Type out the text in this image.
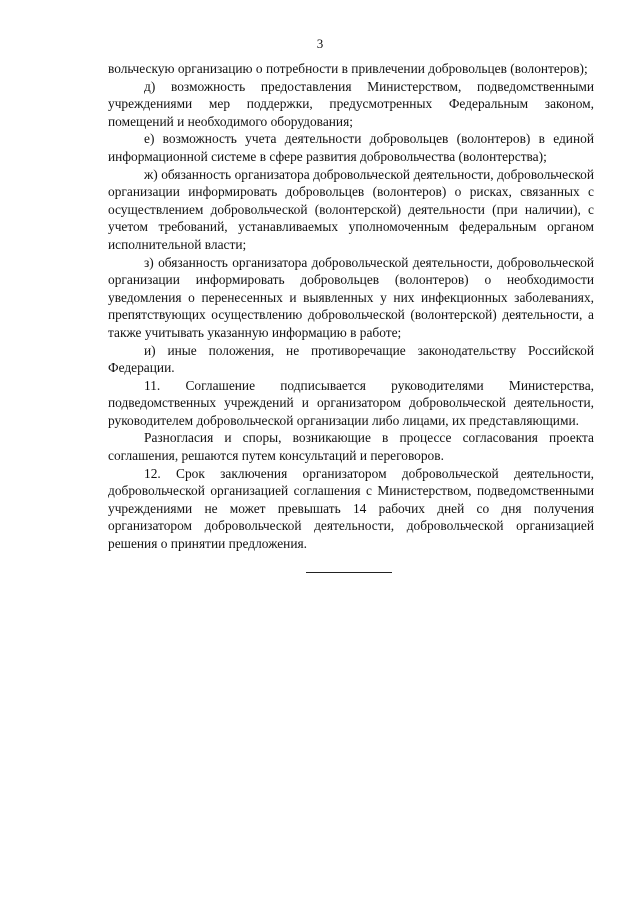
3

вольческую организацию о потребности в привлечении добровольцев (волонтеров);

д) возможность предоставления Министерством, подведомственными учреждениями мер поддержки, предусмотренных Федеральным законом, помещений и необходимого оборудования;

е) возможность учета деятельности добровольцев (волонтеров) в единой информационной системе в сфере развития добровольчества (волонтерства);

ж) обязанность организатора добровольческой деятельности, добровольческой организации информировать добровольцев (волонтеров) о рисках, связанных с осуществлением добровольческой (волонтерской) деятельности (при наличии), с учетом требований, устанавливаемых уполномоченным федеральным органом исполнительной власти;

з) обязанность организатора добровольческой деятельности, добровольческой организации информировать добровольцев (волонтеров) о необходимости уведомления о перенесенных и выявленных у них инфекционных заболеваниях, препятствующих осуществлению добровольческой (волонтерской) деятельности, а также учитывать указанную информацию в работе;

и) иные положения, не противоречащие законодательству Российской Федерации.

11. Соглашение подписывается руководителями Министерства, подведомственных учреждений и организатором добровольческой деятельности, руководителем добровольческой организации либо лицами, их представляющими.

Разногласия и споры, возникающие в процессе согласования проекта соглашения, решаются путем консультаций и переговоров.

12. Срок заключения организатором добровольческой деятельности, добровольческой организацией соглашения с Министерством, подведомственными учреждениями не может превышать 14 рабочих дней со дня получения организатором добровольческой деятельности, добровольческой организацией решения о принятии предложения.
